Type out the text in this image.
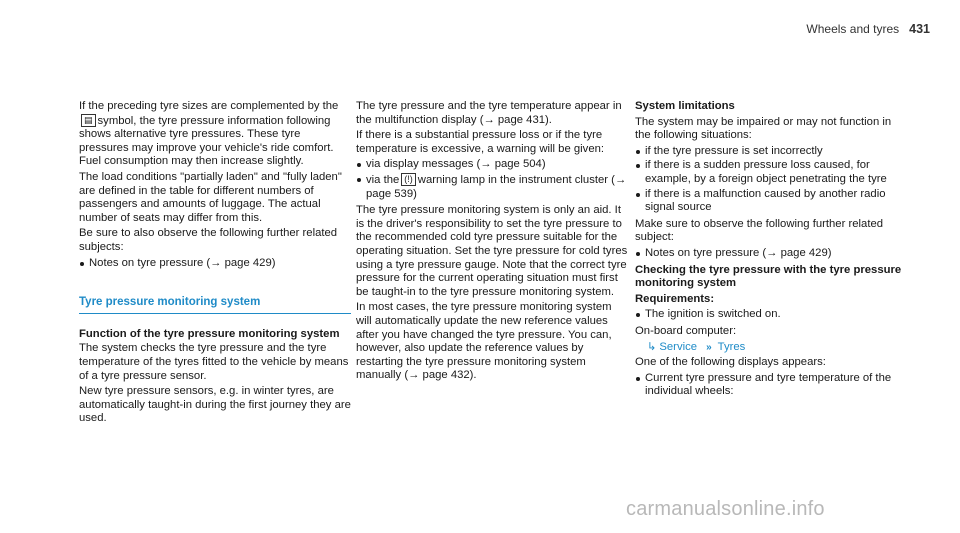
Wheels and tyres 431

If the preceding tyre sizes are complemented by the▤ symbol, the tyre pressure information following shows alternative tyre pressures. These tyre pressures may improve your vehicle's ride comfort. Fuel consumption may then increase slightly.

The load conditions "partially laden" and "fully laden" are defined in the table for different numbers of passengers and amounts of luggage. The actual number of seats may differ from this.

Be sure to also observe the following further related subjects:

Notes on tyre pressure (→ page 429)
Tyre pressure monitoring system

Function of the tyre pressure monitoring system

The system checks the tyre pressure and the tyre temperature of the tyres fitted to the vehicle by means of a tyre pressure sensor.

New tyre pressure sensors, e.g. in winter tyres, are automatically taught-in during the first journey they are used.

The tyre pressure and the tyre temperature appear in the multifunction display (→ page 431).

If there is a substantial pressure loss or if the tyre temperature is excessive, a warning will be given:

via display messages (→ page 504)
via the (!) warning lamp in the instrument cluster (→ page 539)

The tyre pressure monitoring system is only an aid. It is the driver's responsibility to set the tyre pressure to the recommended cold tyre pressure suitable for the operating situation. Set the tyre pressure for cold tyres using a tyre pressure gauge. Note that the correct tyre pressure for the current operating situation must first be taught-in to the tyre pressure monitoring system.

In most cases, the tyre pressure monitoring system will automatically update the new reference values after you have changed the tyre pressure. You can, however, also update the reference values by restarting the tyre pressure monitoring system manually (→ page 432).

System limitations

The system may be impaired or may not function in the following situations:

if the tyre pressure is set incorrectly
if there is a sudden pressure loss caused, for example, by a foreign object penetrating the tyre
if there is a malfunction caused by another radio signal source

Make sure to observe the following further related subject:

Notes on tyre pressure (→ page 429)

Checking the tyre pressure with the tyre pressure monitoring system

Requirements:

The ignition is switched on.

On-board computer:

↳ Service » Tyres

One of the following displays appears:

Current tyre pressure and tyre temperature of the individual wheels:
carmanualsonline.info
